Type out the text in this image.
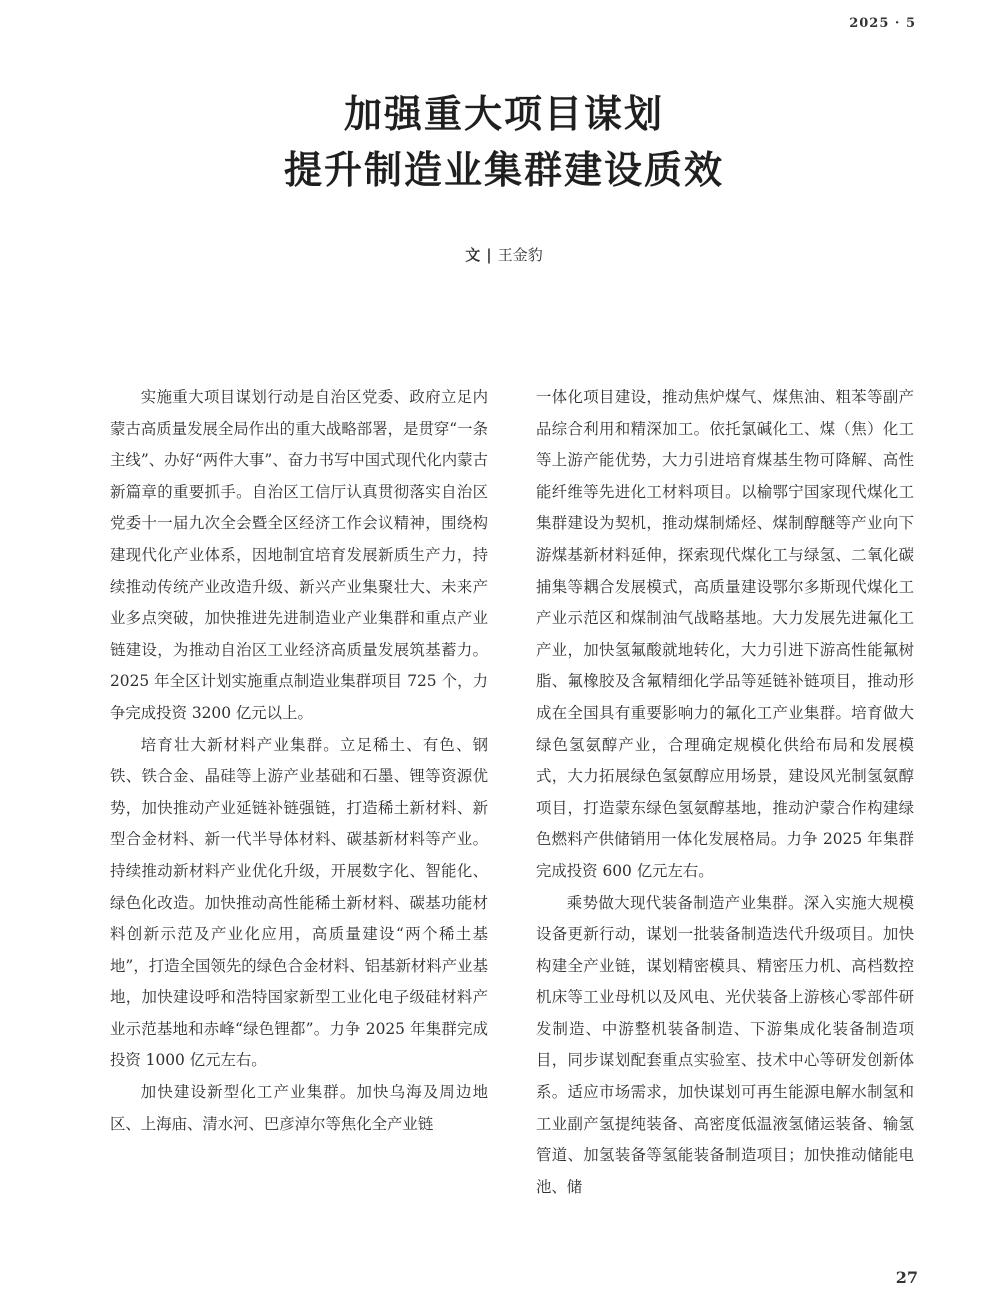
2025 · 5
加强重大项目谋划
提升制造业集群建设质效
文 | 王金豹

实施重大项目谋划行动是自治区党委、政府立足内蒙古高质量发展全局作出的重大战略部署，是贯穿“一条主线”、办好“两件大事”、奋力书写中国式现代化内蒙古新篇章的重要抓手。自治区工信厅认真贯彻落实自治区党委十一届九次全会暨全区经济工作会议精神，围绕构建现代化产业体系，因地制宜培育发展新质生产力，持续推动传统产业改造升级、新兴产业集聚壮大、未来产业多点突破，加快推进先进制造业产业集群和重点产业链建设，为推动自治区工业经济高质量发展筑基蓄力。2025 年全区计划实施重点制造业集群项目 725 个，力争完成投资 3200 亿元以上。

培育壮大新材料产业集群。立足稀土、有色、钢铁、铁合金、晶硅等上游产业基础和石墨、锂等资源优势，加快推动产业延链补链强链，打造稀土新材料、新型合金材料、新一代半导体材料、碳基新材料等产业。持续推动新材料产业优化升级，开展数字化、智能化、绿色化改造。加快推动高性能稀土新材料、碳基功能材料创新示范及产业化应用，高质量建设“两个稀土基地”，打造全国领先的绿色合金材料、铝基新材料产业基地，加快建设呼和浩特国家新型工业化电子级硅材料产业示范基地和赤峰“绿色锂都”。力争 2025 年集群完成投资 1000 亿元左右。

加快建设新型化工产业集群。加快乌海及周边地区、上海庙、清水河、巴彦淖尔等焦化全产业链

一体化项目建设，推动焦炉煤气、煤焦油、粗苯等副产品综合利用和精深加工。依托氯碱化工、煤（焦）化工等上游产能优势，大力引进培育煤基生物可降解、高性能纤维等先进化工材料项目。以榆鄂宁国家现代煤化工集群建设为契机，推动煤制烯烃、煤制醇醚等产业向下游煤基新材料延伸，探索现代煤化工与绿氢、二氧化碳捕集等耦合发展模式，高质量建设鄂尔多斯现代煤化工产业示范区和煤制油气战略基地。大力发展先进氟化工产业，加快氢氟酸就地转化，大力引进下游高性能氟树脂、氟橡胶及含氟精细化学品等延链补链项目，推动形成在全国具有重要影响力的氟化工产业集群。培育做大绿色氢氨醇产业，合理确定规模化供给布局和发展模式，大力拓展绿色氢氨醇应用场景，建设风光制氢氨醇项目，打造蒙东绿色氢氨醇基地，推动沪蒙合作构建绿色燃料产供储销用一体化发展格局。力争 2025 年集群完成投资 600 亿元左右。

乘势做大现代装备制造产业集群。深入实施大规模设备更新行动，谋划一批装备制造迭代升级项目。加快构建全产业链，谋划精密模具、精密压力机、高档数控机床等工业母机以及风电、光伏装备上游核心零部件研发制造、中游整机装备制造、下游集成化装备制造项目，同步谋划配套重点实验室、技术中心等研发创新体系。适应市场需求，加快谋划可再生能源电解水制氢和工业副产氢提纯装备、高密度低温液氢储运装备、输氢管道、加氢装备等氢能装备制造项目；加快推动储能电池、储

27
